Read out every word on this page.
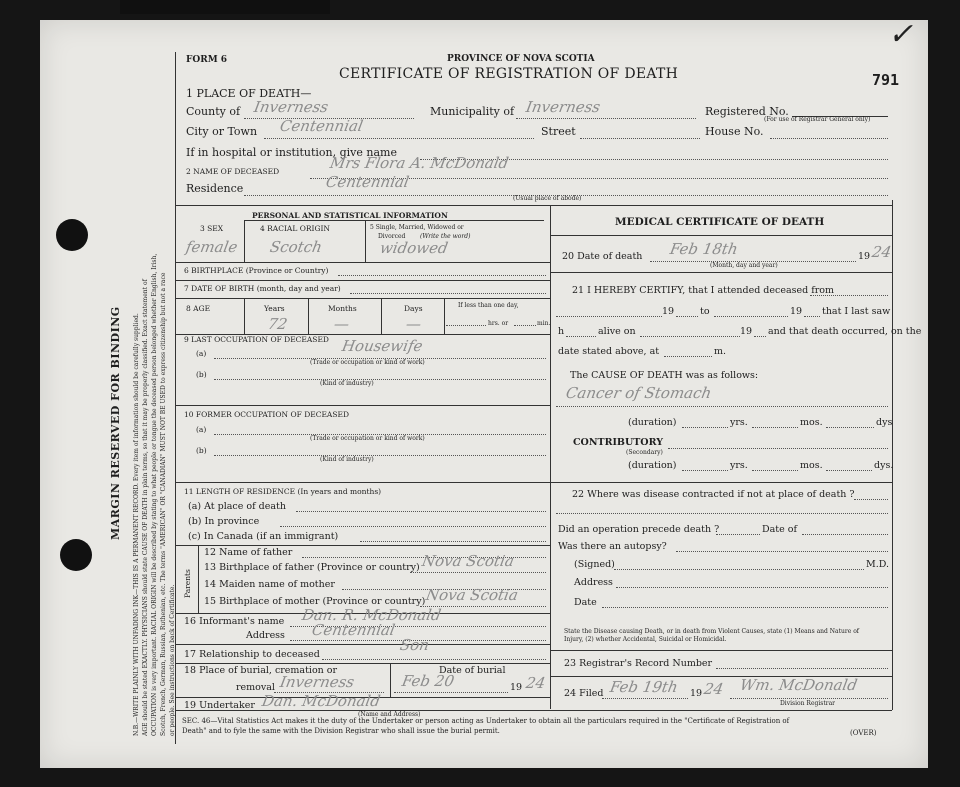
MARGIN RESERVED FOR BINDING N.B.—WRITE PLAINLY WITH UNFADING INK—THIS IS A PERMANENT RECORD. Every item of information should be carefully supplied. AGE should be stated EXACTLY. PHYSICIANS should state CAUSE OF DEATH in plain terms, so that it may be properly classified. Exact statement of OCCUPATION is very important. RACIAL ORIGIN will be described by stating to what people or tongue the deceased person belonged whether English, Irish, Scotch, French, German, Russian, Ruthenian, etc. The terms "AMERICAN" OR "CANADIAN" MUST NOT BE USED to express citizenship but not a race or people. See instructions on back of Certificate.
FORM 6	PROVINCE OF NOVA SCOTIA
CERTIFICATE OF REGISTRATION OF DEATH	791
✓
1 PLACE OF DEATH—
County of Inverness	Municipality of Inverness	Registered No.
(For use of Registrar General only)
City or Town Centennial	Street	House No.
If in hospital or institution, give name
2 NAME OF DECEASED	Mrs Flora A. McDonald
Residence	Centennial
(Usual place of abode)
PERSONAL AND STATISTICAL INFORMATION
3 SEX	4 RACIAL ORIGIN	5 Single, Married, Widowed or
Divorced (Write the word)
female Scotch	widowed
6 BIRTHPLACE (Province or Country)
7 DATE OF BIRTH (month, day and year)
8 AGE	Years	Months	Days	If less than one day,
hrs. or	min.
72	—	—
9 LAST OCCUPATION OF DECEASED
(a)	Housewife
(Trade or occupation or kind of work)
(b)
(Kind of industry)
10 FORMER OCCUPATION OF DECEASED
(a)
(Trade or occupation or kind of work)
(b)
(Kind of industry)
11 LENGTH OF RESIDENCE (In years and months)
(a) At place of death
(b) In province
(c) In Canada (if an immigrant)
Parents
12 Name of father
13 Birthplace of father (Province or country) Nova Scotia
14 Maiden name of mother
15 Birthplace of mother (Province or country) Nova Scotia
16 Informant's name Dan. R. McDonald
Address Centennial
17 Relationship to deceased
Son
18 Place of burial, cremation or
removal Inverness
Date of burial
Feb 20	19 24
19 Undertaker Dan. McDonald
(Name and Address)
MEDICAL CERTIFICATE OF DEATH
20 Date of death Feb 18th	19 24
(Month, day and year)
21 I HEREBY CERTIFY, that I attended deceased from
19	to	19 that I last saw
h	alive on	19 and that death occurred, on the
date stated above, at	m.
The CAUSE OF DEATH was as follows:
Cancer of Stomach
(duration)	yrs.	mos.	dys
CONTRIBUTORY
(Secondary)
(duration)	yrs.	mos.	dys.
22 Where was disease contracted if not at place of death ?
Did an operation precede death ?	Date of
Was there an autopsy?
(Signed)	M.D.
Address
Date
State the Disease causing Death, or in death from Violent Causes, state (1) Means and Nature of
Injury, (2) whether Accidental, Suicidal or Homicidal.
23 Registrar's Record Number
24 Filed Feb 19th 19 24 Wm. McDonald
Division Registrar
SEC. 46—Vital Statistics Act makes it the duty of the Undertaker or person acting as Undertaker to obtain all the particulars required in the "Certificate of Registration of
Death" and to fyle the same with the Division Registrar who shall issue the burial permit.	(OVER)
